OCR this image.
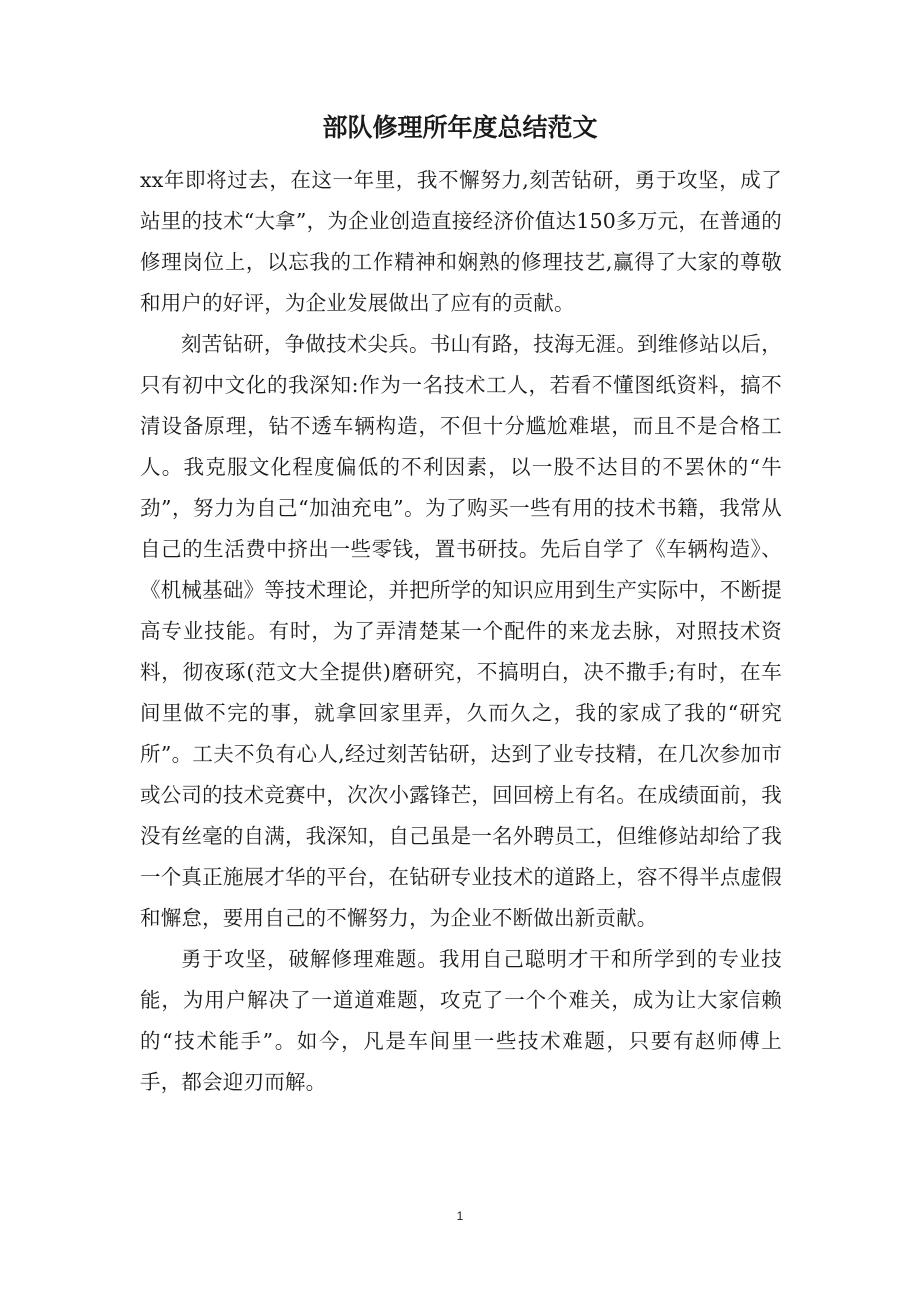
部队修理所年度总结范文

xx年即将过去，在这一年里，我不懈努力,刻苦钻研，勇于攻坚，成了站里的技术“大拿”，为企业创造直接经济价值达150多万元，在普通的修理岗位上，以忘我的工作精神和娴熟的修理技艺,赢得了大家的尊敬和用户的好评，为企业发展做出了应有的贡献。

刻苦钻研，争做技术尖兵。书山有路，技海无涯。到维修站以后，只有初中文化的我深知:作为一名技术工人，若看不懂图纸资料，搞不清设备原理，钻不透车辆构造，不但十分尴尬难堪，而且不是合格工人。我克服文化程度偏低的不利因素，以一股不达目的不罢休的“牛劲”，努力为自己“加油充电”。为了购买一些有用的技术书籍，我常从自己的生活费中挤出一些零钱，置书研技。先后自学了《车辆构造》、《机械基础》等技术理论，并把所学的知识应用到生产实际中，不断提高专业技能。有时，为了弄清楚某一个配件的来龙去脉，对照技术资料，彻夜琢(范文大全提供)磨研究，不搞明白，决不撒手;有时，在车间里做不完的事，就拿回家里弄，久而久之，我的家成了我的“研究所”。工夫不负有心人,经过刻苦钻研，达到了业专技精，在几次参加市或公司的技术竞赛中，次次小露锋芒，回回榜上有名。在成绩面前，我没有丝毫的自满，我深知，自己虽是一名外聘员工，但维修站却给了我一个真正施展才华的平台，在钻研专业技术的道路上，容不得半点虚假和懈怠，要用自己的不懈努力，为企业不断做出新贡献。

勇于攻坚，破解修理难题。我用自己聪明才干和所学到的专业技能，为用户解决了一道道难题，攻克了一个个难关，成为让大家信赖的“技术能手”。如今，凡是车间里一些技术难题，只要有赵师傅上手，都会迎刃而解。

1
